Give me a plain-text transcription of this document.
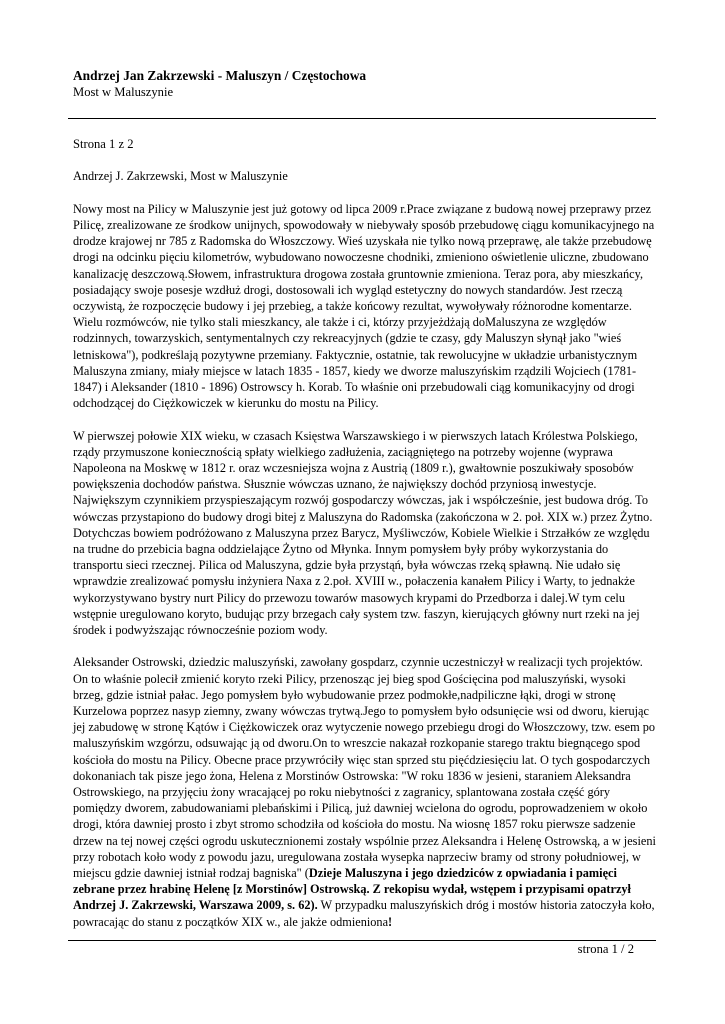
Andrzej Jan Zakrzewski - Maluszyn / Częstochowa

Most w Maluszynie

Strona 1 z 2

Andrzej J. Zakrzewski, Most w Maluszynie

Nowy most na Pilicy w Maluszynie jest już gotowy od lipca 2009 r.Prace związane z budową nowej przeprawy przez Pilicę, zrealizowane ze środkow unijnych, spowodowały w niebywały sposób przebudowę ciągu komunikacyjnego na drodze krajowej nr 785 z Radomska do Włoszczowy. Wieś uzyskała nie tylko nową przeprawę, ale także przebudowę drogi na odcinku pięciu kilometrów, wybudowano nowoczesne chodniki, zmieniono oświetlenie uliczne, zbudowano kanalizację deszczową.Słowem, infrastruktura drogowa została gruntownie zmieniona. Teraz pora, aby mieszkańcy, posiadający swoje posesje wzdłuż drogi, dostosowali ich wygląd estetyczny do nowych standardów. Jest rzeczą oczywistą, że rozpoczęcie budowy i jej przebieg, a także końcowy rezultat, wywoływały różnorodne komentarze. Wielu rozmówców, nie tylko stali mieszkancy, ale także i ci, którzy przyjeżdżają doMaluszyna ze względów rodzinnych, towarzyskich, sentymentalnych czy rekreacyjnych (gdzie te czasy, gdy Maluszyn słynął jako "wieś letniskowa"), podkreślają pozytywne przemiany. Faktycznie, ostatnie, tak rewolucyjne w układzie urbanistycznym Maluszyna zmiany, miały miejsce w latach 1835 - 1857, kiedy we dworze maluszyńskim rządzili Wojciech (1781-1847) i Aleksander (1810 - 1896) Ostrowscy h. Korab. To właśnie oni przebudowali ciąg komunikacyjny od drogi odchodzącej do Ciężkowiczek w kierunku do mostu na Pilicy.

W pierwszej połowie XIX wieku, w czasach Księstwa Warszawskiego i w pierwszych latach Królestwa Polskiego, rządy przymuszone koniecznością spłaty wielkiego zadłużenia, zaciągniętego na potrzeby wojenne (wyprawa Napoleona na Moskwę w 1812 r. oraz wczesniejsza wojna z Austrią (1809 r.), gwałtownie poszukiwały sposobów powiększenia dochodów państwa. Słusznie wówczas uznano, że największy dochód przyniosą inwestycje. Największym czynnikiem przyspieszającym rozwój gospodarczy wówczas, jak i współcześnie, jest budowa dróg. To wówczas przystapiono do budowy drogi bitej z Maluszyna do Radomska (zakończona w 2. poł. XIX w.) przez Żytno. Dotychczas bowiem podróżowano z Maluszyna przez Barycz, Myśliwczów, Kobiele Wielkie i Strzałków ze względu na trudne do przebicia bagna oddzielające Żytno od Młynka. Innym pomysłem były próby wykorzystania do transportu sieci rzecznej. Pilica od Maluszyna, gdzie była przystąń, była wówczas rzeką spławną. Nie udało się wprawdzie zrealizować pomysłu inżyniera Naxa z 2.poł. XVIII w., połaczenia kanałem Pilicy i Warty, to jednakże wykorzystywano bystry nurt Pilicy do przewozu towarów masowych krypami do Przedborza i dalej.W tym celu wstępnie uregulowano koryto, budując przy brzegach cały system tzw. faszyn, kierujących główny nurt rzeki na jej środek i podwyższając równocześnie poziom wody.

Aleksander Ostrowski, dziedzic maluszyński, zawołany gospdarz, czynnie uczestniczył w realizacji tych projektów. On to właśnie polecił zmienić koryto rzeki Pilicy, przenosząc jej bieg spod Gościęcina pod maluszyński, wysoki brzeg, gdzie istniał pałac. Jego pomysłem było wybudowanie przez podmokłe,nadpiliczne łąki, drogi w stronę Kurzelowa poprzez nasyp ziemny, zwany wówczas trytwą.Jego to pomysłem było odsunięcie wsi od dworu, kierując jej zabudowę w stronę Kątów i Ciężkowiczek oraz wytyczenie nowego przebiegu drogi do Włoszczowy, tzw. esem po maluszyńskim wzgórzu, odsuwając ją od dworu.On to wreszcie nakazał rozkopanie starego traktu biegnącego spod kościoła do mostu na Pilicy. Obecne prace przywróciły więc stan sprzed stu pięćdziesięciu lat. O tych gospodarczych dokonaniach tak pisze jego żona, Helena z Morstinów Ostrowska: "W roku 1836 w jesieni, staraniem Aleksandra Ostrowskiego, na przyjęciu żony wracającej po roku niebytności z zagranicy, splantowana została część góry pomiędzy dworem, zabudowaniami plebańskimi i Pilicą, już dawniej wcielona do ogrodu, poprowadzeniem w około drogi, która dawniej prosto i zbyt stromo schodziła od kościoła do mostu. Na wiosnę 1857 roku pierwsze sadzenie drzew na tej nowej części ogrodu uskutecznionemi zostały wspólnie przez Aleksandra i Helenę Ostrowską, a w jesieni przy robotach koło wody z powodu jazu, uregulowana została wysepka naprzeciw bramy od strony południowej, w miejscu gdzie dawniej istniał rodzaj bagniska" (Dzieje Maluszyna i jego dziedziców z opwiadania i pamięci zebrane przez hrabinę Helenę [z Morstinów] Ostrowską. Z rekopisu wydał, wstępem i przypisami opatrzył Andrzej J. Zakrzewski, Warszawa 2009, s. 62). W przypadku maluszyńskich dróg i mostów historia zatoczyła koło, powracając do stanu z początków XIX w., ale jakże odmieniona!

strona 1 / 2
